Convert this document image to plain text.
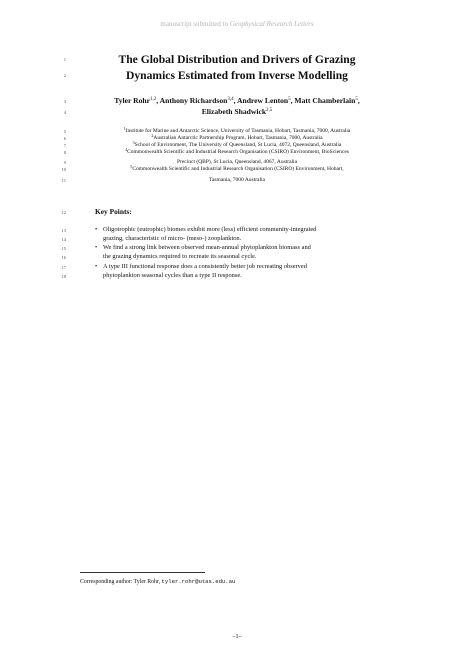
manuscript submitted to Geophysical Research Letters
1
2
3
4
5
6
7
8
9
10
11
12
13
14
15
16
17
18
The Global Distribution and Drivers of Grazing
Dynamics Estimated from Inverse Modelling
Tyler Rohr$^{1,2}$, Anthony Richardson$^{3,4}$, Andrew Lenton$^5$, Matt Chamberlain$^5$,
Elizabeth Shadwick$^{2,5}$
$^1$Institute for Marine and Antarctic Science, University of Tasmania, Hobart, Tasmania, 7000, Australia
$^2$Australian Antarctic Partnership Program, Hobart, Tasmania, 7000, Australia
$^3$School of Environment, The University of Queensland, St Lucia, 4072, Queensland, Australia
$^4$Commonwealth Scientific and Industrial Research Organisation (CSIRO) Environment, BioSciences
Precinct (QBP), St Lucia, Queensland, 4067, Australia
$^5$Commonwealth Scientific and Industrial Research Organisation (CSIRO) Environment, Hobart,
Tasmania, 7000 Australia
Key Points:
• Oligotrophic (eutrophic) biomes exhibit more (less) efficient community-integrated
grazing, characteristic of micro- (meso-) zooplankton.
• We find a strong link between observed mean-annual phytoplankton biomass and
the grazing dynamics required to recreate its seasonal cycle.
• A type III functional response does a consistently better job recreating observed
phytoplankton seasonal cycles than a type II response.
Corresponding author: Tyler Rohr, tyler.rohr@utas.edu.au
–1–
